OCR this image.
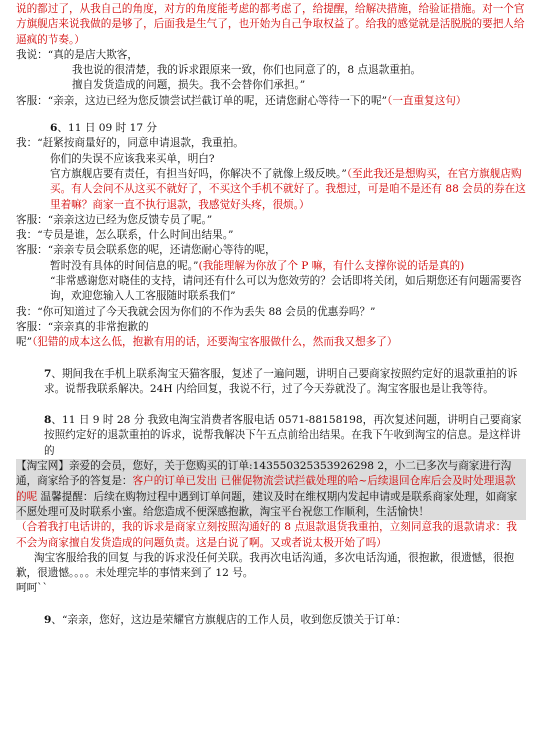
说的都过了，从我自己的角度，对方的角度能考虑的都考虑了，给提醒，给解决措施，给验证措施。对一个官方旗舰店来说我做的是够了，后面我是生气了，也开始为自己争取权益了。给我的感觉就是活脱脱的要把人给逼疯的节奏。）

我说：“真的是店大欺客，

我也说的很清楚，我的诉求跟原来一致，你们也同意了的，8 点退款重拍。

擅自发货造成的问题，损失。我不会替你们承担。”

客服：“亲亲，这边已经为您反馈尝试拦截订单的呢，还请您耐心等待一下的呢”（一直重复这句）

6、11 日 09 时 17 分

我：“赶紧按商量好的，同意申请退款，我重拍。

你们的失误不应该我来买单，明白?

官方旗舰店要有责任，有担当好吗，你解决不了就像上级反映。”（至此我还是想购买，在官方旗舰店购买。有人会问不从这买不就好了，不买这个手机不就好了。我想过，可是咱不是还有 88 会员的券在这里着嘛？商家一直不执行退款，我感觉好头疼，很烦。）

客服：“亲亲这边已经为您反馈专员了呢。”

我：“专员是谁，怎么联系，什么时间出结果。”

客服：“亲亲专员会联系您的呢，还请您耐心等待的呢，

暂时没有具体的时间信息的呢。”(我能理解为你放了个 P 嘛，有什么支撑你说的话是真的)

“非常感谢您对晓佳的支持，请问还有什么可以为您效劳的？会话即将关闭，如后期您还有问题需要咨询，欢迎您输入人工客服随时联系我们”

我：“你可知道过了今天我就会因为你们的不作为丢失 88 会员的优惠券吗？”

客服：“亲亲真的非常抱歉的呢”（犯错的成本这么低，抱歉有用的话，还要淘宝客服做什么，然而我又想多了）

7、期间我在手机上联系淘宝天猫客服，复述了一遍问题，讲明自己要商家按照约定好的退款重拍的诉求。说帮我联系解决。24H 内给回复，我说不行，过了今天券就没了。淘宝客服也是让我等待。

8、11 日 9 时 28 分 我致电淘宝消费者客服电话 0571-88158198，再次复述问题，讲明自己要商家按照约定好的退款重拍的诉求，说帮我解决下午五点前给出结果。在我下午收到淘宝的信息。是这样讲的

【淘宝网】亲爱的会员，您好，关于您购买的订单:143550325353926298 2，小二已多次与商家进行沟通，商家给予的答复是：客户的订单已发出 已催促物流尝试拦截处理的哈~后续退回仓库后会及时处理退款的呢 温馨提醒：后续在购物过程中遇到订单问题，建议及时在维权期内发起申请或是联系商家处理，如商家不愿处理可及时联系小蜜。给您造成不便深感抱歉，淘宝平台祝您工作顺利，生活愉快！

（合着我打电话讲的，我的诉求是商家立刻按照沟通好的 8 点退款退货我重拍，立刻同意我的退款请求：我不会为商家擅自发货造成的问题负责。这是白说了啊。又或者说太极开始了吗）

淘宝客服给我的回复 与我的诉求没任何关联。我再次电话沟通，多次电话沟通，很抱歉，很遗憾，很抱歉，很遗憾。。。。未处理完毕的事情来到了 12 号。

呵呵``

9、“亲亲，您好，这边是荣耀官方旗舰店的工作人员，收到您反馈关于订单：
